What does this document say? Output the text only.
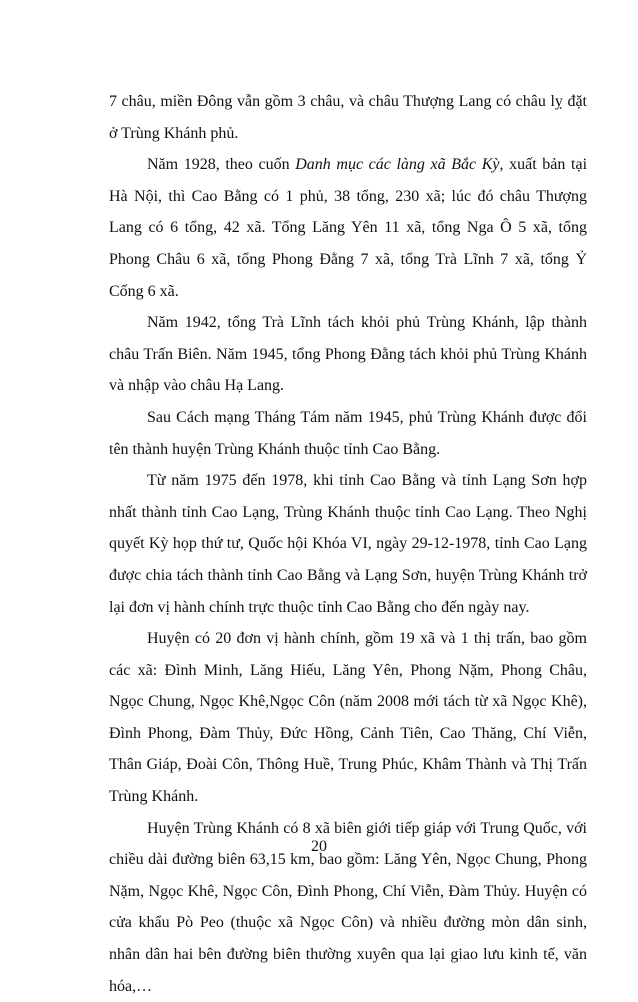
7 châu, miền Đông vẫn gồm 3 châu, và châu Thượng Lang có châu lỵ đặt ở Trùng Khánh phủ.

Năm 1928, theo cuốn Danh mục các làng xã Bắc Kỳ, xuất bản tại Hà Nội, thì Cao Bằng có 1 phủ, 38 tổng, 230 xã; lúc đó châu Thượng Lang có 6 tổng, 42 xã. Tổng Lăng Yên 11 xã, tổng Nga Ô 5 xã, tổng Phong Châu 6 xã, tổng Phong Đằng 7 xã, tổng Trà Lĩnh 7 xã, tổng Ỷ Cống 6 xã.

Năm 1942, tổng Trà Lĩnh tách khỏi phủ Trùng Khánh, lập thành châu Trấn Biên. Năm 1945, tổng Phong Đằng tách khỏi phủ Trùng Khánh và nhập vào châu Hạ Lang.

Sau Cách mạng Tháng Tám năm 1945, phủ Trùng Khánh được đổi tên thành huyện Trùng Khánh thuộc tỉnh Cao Bằng.

Từ năm 1975 đến 1978, khi tỉnh Cao Bằng và tỉnh Lạng Sơn hợp nhất thành tỉnh Cao Lạng, Trùng Khánh thuộc tỉnh Cao Lạng. Theo Nghị quyết Kỳ họp thứ tư, Quốc hội Khóa VI, ngày 29-12-1978, tỉnh Cao Lạng được chia tách thành tỉnh Cao Bằng và Lạng Sơn, huyện Trùng Khánh trở lại đơn vị hành chính trực thuộc tỉnh Cao Bằng cho đến ngày nay.

Huyện có 20 đơn vị hành chính, gồm 19 xã và 1 thị trấn, bao gồm các xã: Đình Minh, Lăng Hiếu, Lăng Yên, Phong Nặm, Phong Châu, Ngọc Chung, Ngọc Khê,Ngọc Côn (năm 2008 mới tách từ xã Ngọc Khê), Đình Phong, Đàm Thủy, Đức Hồng, Cảnh Tiên, Cao Thăng, Chí Viễn, Thân Giáp, Đoài Côn, Thông Huề, Trung Phúc, Khâm Thành và Thị Trấn Trùng Khánh.

Huyện Trùng Khánh có 8 xã biên giới tiếp giáp với Trung Quốc, với chiều dài đường biên 63,15 km, bao gồm: Lăng Yên, Ngọc Chung, Phong Nặm, Ngọc Khê, Ngọc Côn, Đình Phong, Chí Viễn, Đàm Thủy. Huyện có cửa khẩu Pò Peo (thuộc xã Ngọc Côn) và nhiều đường mòn dân sinh, nhân dân hai bên đường biên thường xuyên qua lại giao lưu kinh tế, văn hóa,…

20
